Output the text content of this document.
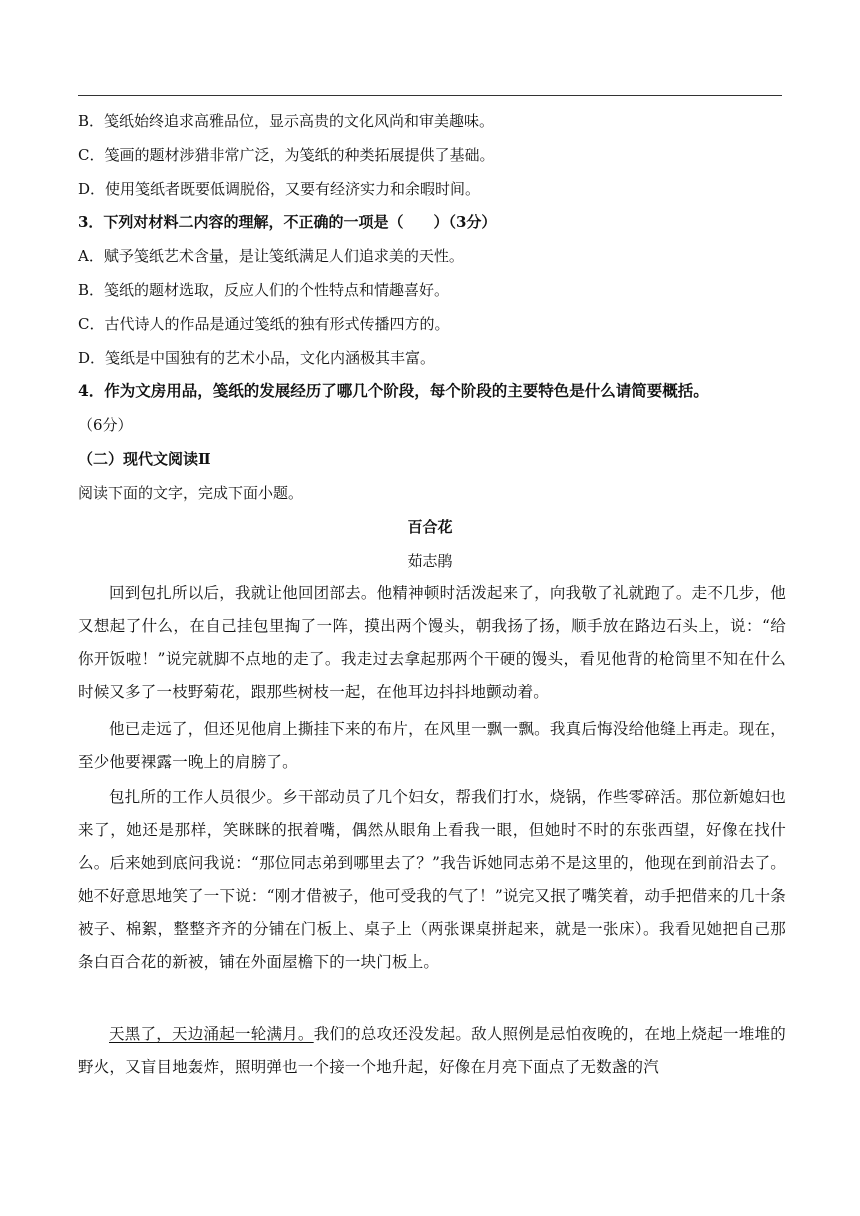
B．笺纸始终追求高雅品位，显示高贵的文化风尚和审美趣味。
C．笺画的题材涉猎非常广泛，为笺纸的种类拓展提供了基础。
D．使用笺纸者既要低调脱俗，又要有经济实力和余暇时间。
3．下列对材料二内容的理解，不正确的一项是（　　）（3分）
A．赋予笺纸艺术含量，是让笺纸满足人们追求美的天性。
B．笺纸的题材选取，反应人们的个性特点和情趣喜好。
C．古代诗人的作品是通过笺纸的独有形式传播四方的。
D．笺纸是中国独有的艺术小品，文化内涵极其丰富。
4．作为文房用品，笺纸的发展经历了哪几个阶段，每个阶段的主要特色是什么请简要概括。
（6分）
（二）现代文阅读Ⅱ
阅读下面的文字，完成下面小题。
百合花
茹志鹃
回到包扎所以后，我就让他回团部去。他精神顿时活泼起来了，向我敬了礼就跑了。走不几步，他又想起了什么，在自己挂包里掏了一阵，摸出两个馒头，朝我扬了扬，顺手放在路边石头上，说：“给你开饭啦！”说完就脚不点地的走了。我走过去拿起那两个干硬的馒头，看见他背的枪筒里不知在什么时候又多了一枝野菊花，跟那些树枝一起，在他耳边抖抖地颤动着。
他已走远了，但还见他肩上撕挂下来的布片，在风里一飘一飘。我真后悔没给他缝上再走。现在，至少他要裸露一晚上的肩膀了。
包扎所的工作人员很少。乡干部动员了几个妇女，帮我们打水，烧锅，作些零碎活。那位新媳妇也来了，她还是那样，笑眯眯的抿着嘴，偶然从眼角上看我一眼，但她时不时的东张西望，好像在找什么。后来她到底问我说：“那位同志弟到哪里去了？”我告诉她同志弟不是这里的，他现在到前沿去了。她不好意思地笑了一下说：“刚才借被子，他可受我的气了！”说完又抿了嘴笑着，动手把借来的几十条被子、棉絮，整整齐齐的分铺在门板上、桌子上（两张课桌拼起来，就是一张床）。我看见她把自己那条白百合花的新被，铺在外面屋檐下的一块门板上。
天黑了，天边涌起一轮满月。我们的总攻还没发起。敌人照例是忌怕夜晚的，在地上烧起一堆堆的野火，又盲目地轰炸，照明弹也一个接一个地升起，好像在月亮下面点了无数盏的汽
